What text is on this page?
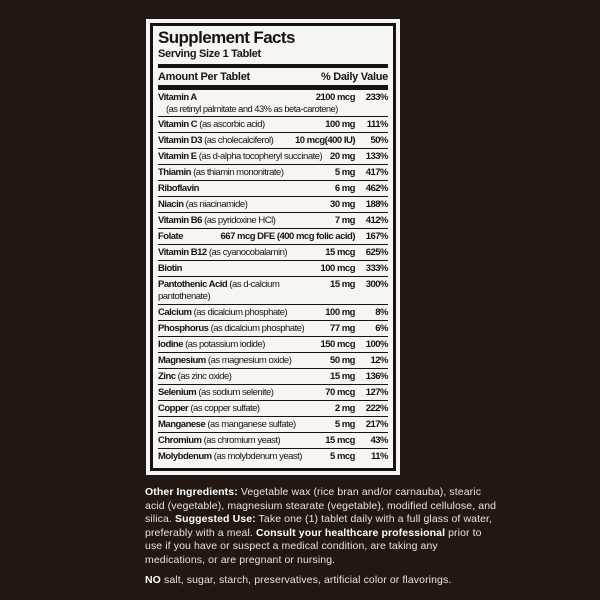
Supplement Facts
Serving Size 1 Tablet
Amount Per Tablet	% Daily Value
Vitamin A	2100 mcg	233%
(as retinyl palmitate and 43% as beta-carotene)
Vitamin C (as ascorbic acid)	100 mg	111%
Vitamin D3 (as cholecalciferol)	10 mcg(400 IU)	50%
Vitamin E (as d-alpha tocopheryl succinate) 20 mg	133%
Thiamin (as thiamin mononitrate)	5 mg	417%
Riboflavin	6 mg	462%
Niacin (as niacinamide)	30 mg	188%
Vitamin B6 (as pyridoxine HCl)	7 mg	412%
Folate	667 mcg DFE (400 mcg folic acid)	167%
Vitamin B12 (as cyanocobalamin)	15 mcg	625%
Biotin	100 mcg	333%
Pantothenic Acid (as d-calcium pantothenate)
15 mg	300%
Calcium (as dicalcium phosphate)	100 mg	8%
Phosphorus (as dicalcium phosphate)	77 mg	6%
Iodine (as potassium iodide)	150 mcg	100%
Magnesium (as magnesium oxide)	50 mg	12%
Zinc (as zinc oxide)	15 mg	136%
Selenium (as sodium selenite)	70 mcg	127%
Copper (as copper sulfate)	2 mg	222%
Manganese (as manganese sulfate)	5 mg	217%
Chromium (as chromium yeast)	15 mcg	43%
Molybdenum (as molybdenum yeast)	5 mcg	11%

Other Ingredients: Vegetable wax (rice bran and/or carnauba), stearic acid (vegetable), magnesium stearate (vegetable), modified cellulose, and silica. Suggested Use: Take one (1) tablet daily with a full glass of water, preferably with a meal. Consult your healthcare professional prior to use if you have or suspect a medical condition, are taking any medications, or are pregnant or nursing.

NO salt, sugar, starch, preservatives, artificial color or flavorings.
